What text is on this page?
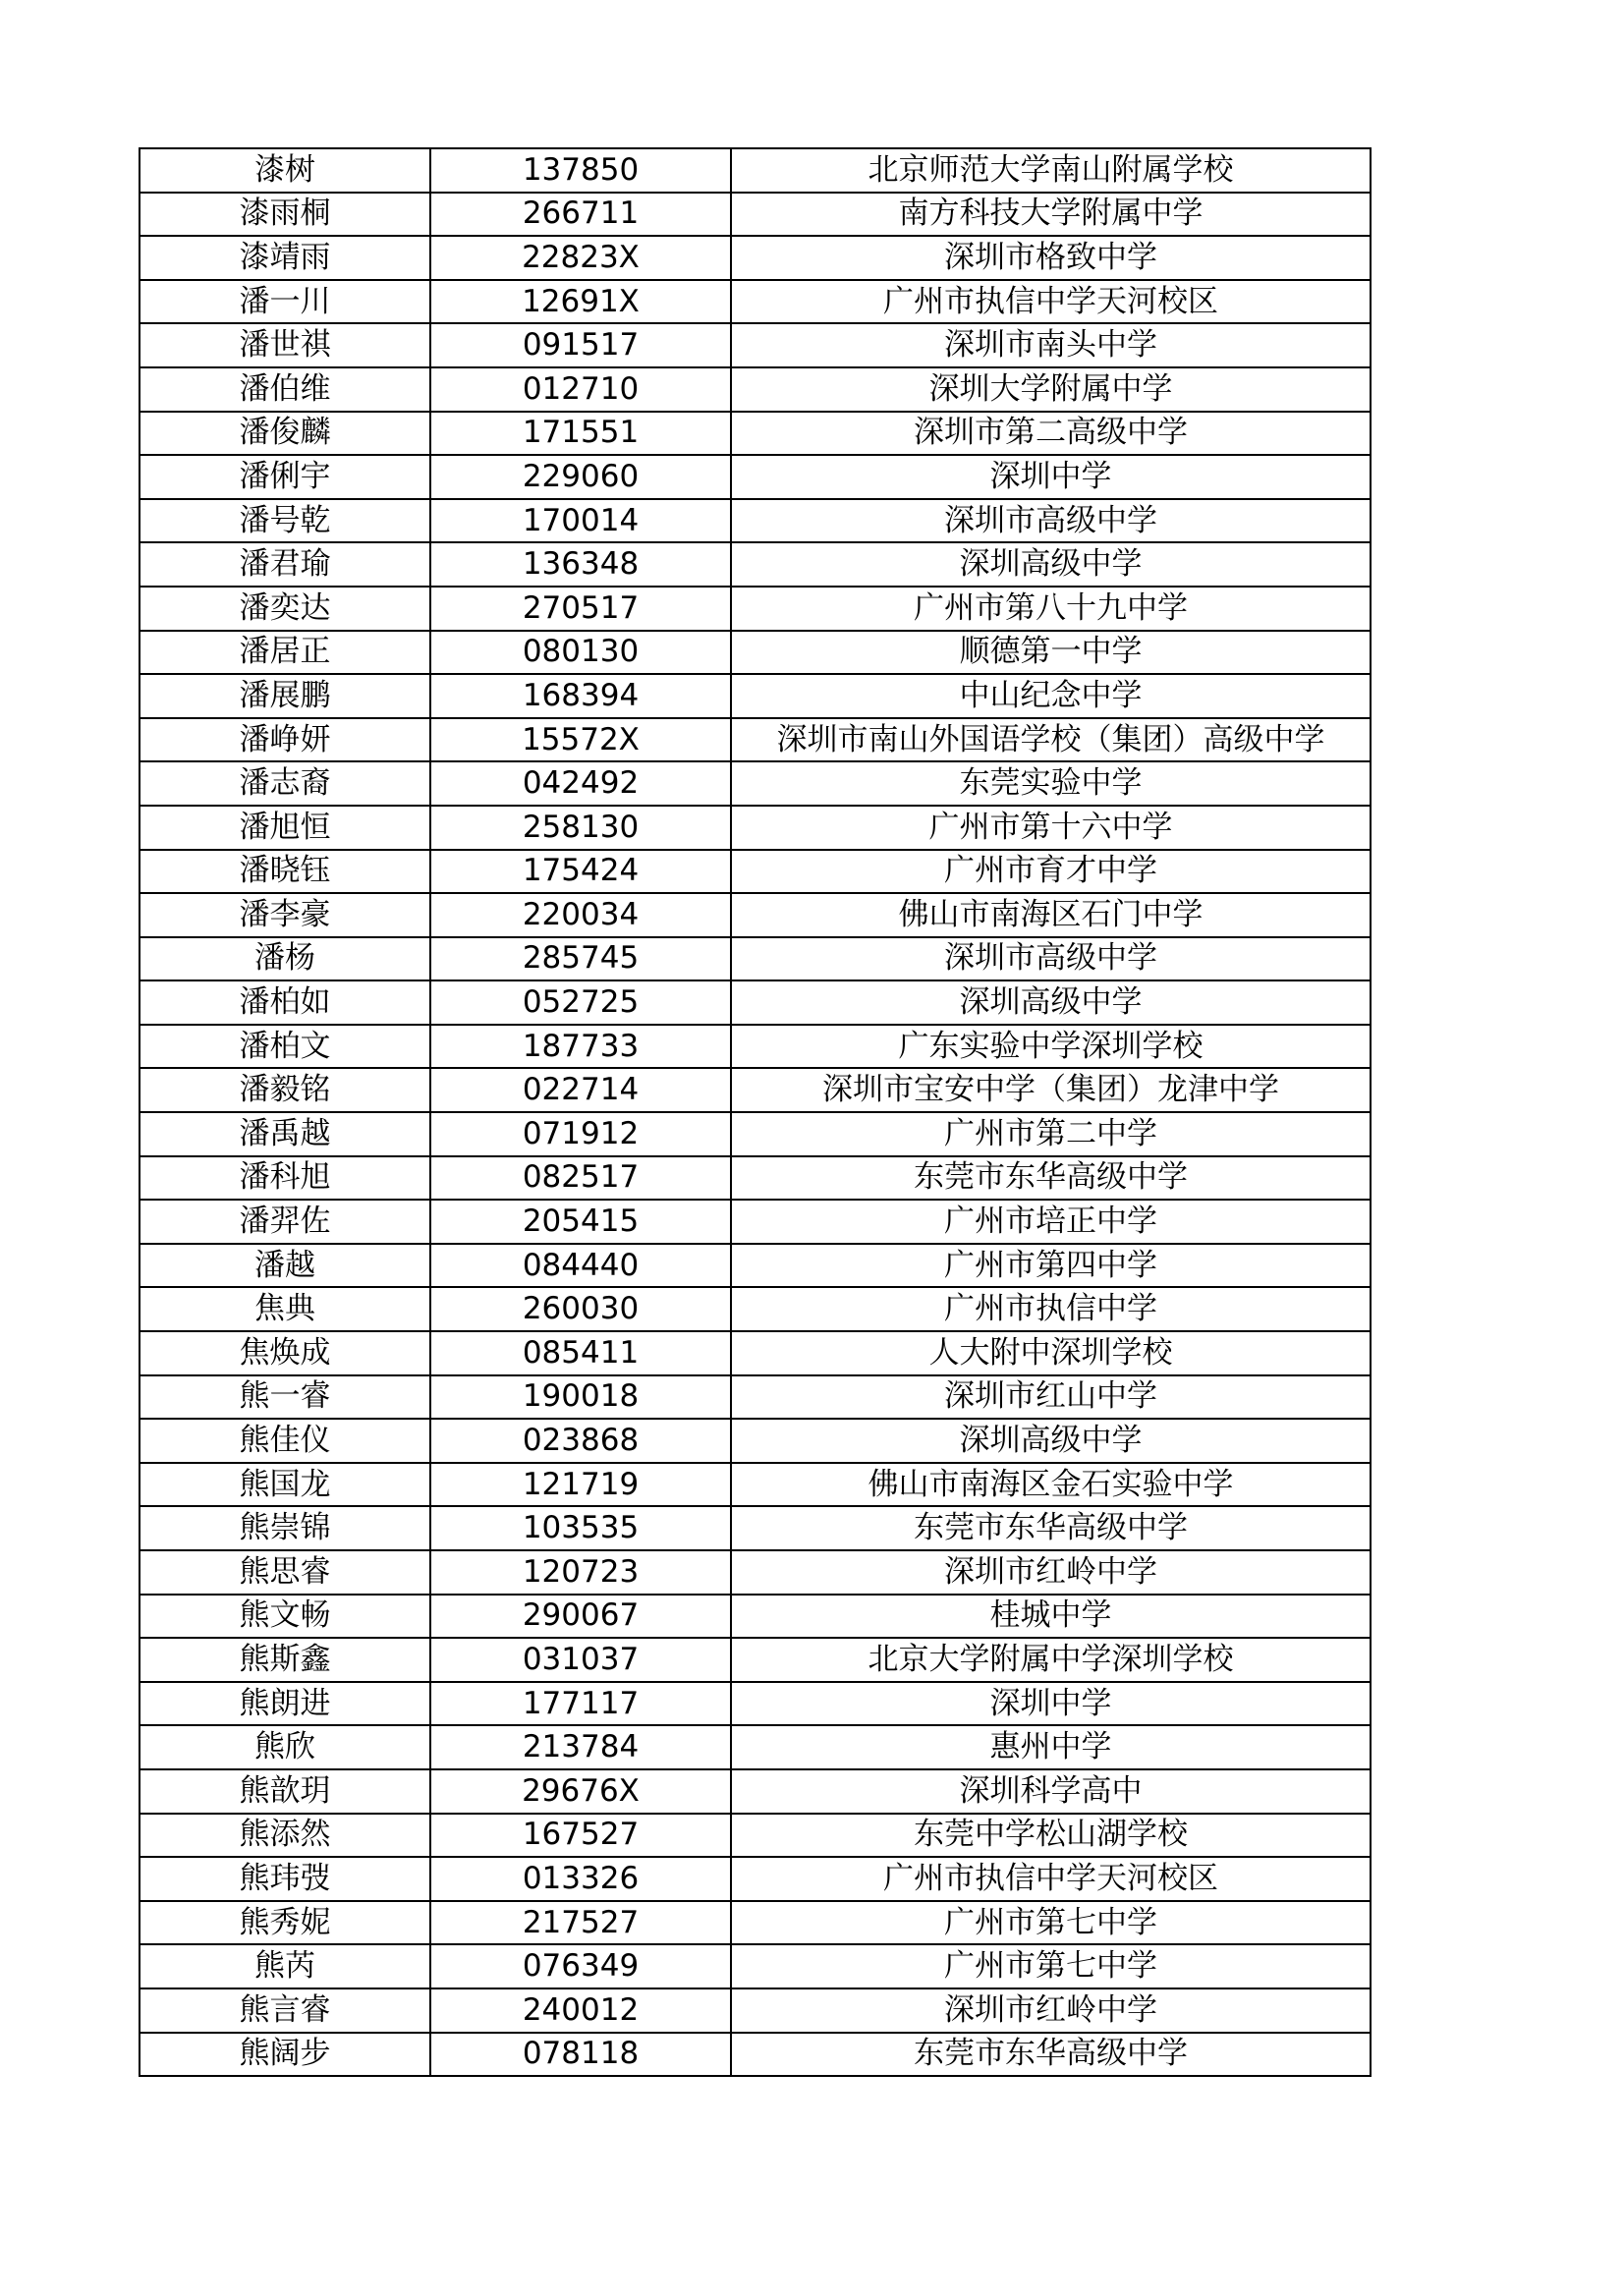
漆树	137850	北京师范大学南山附属学校
漆雨桐	266711	南方科技大学附属中学
漆靖雨	22823X	深圳市格致中学
潘一川	12691X	广州市执信中学天河校区
潘世祺	091517	深圳市南头中学
潘伯维	012710	深圳大学附属中学
潘俊麟	171551	深圳市第二高级中学
潘俐宇	229060	深圳中学
潘号乾	170014	深圳市高级中学
潘君瑜	136348	深圳高级中学
潘奕达	270517	广州市第八十九中学
潘居正	080130	顺德第一中学
潘展鹏	168394	中山纪念中学
潘峥妍	15572X	深圳市南山外国语学校（集团）高级中学
潘志裔	042492	东莞实验中学
潘旭恒	258130	广州市第十六中学
潘晓钰	175424	广州市育才中学
潘李豪	220034	佛山市南海区石门中学
潘杨	285745	深圳市高级中学
潘柏如	052725	深圳高级中学
潘柏文	187733	广东实验中学深圳学校
潘毅铭	022714	深圳市宝安中学（集团）龙津中学
潘禹越	071912	广州市第二中学
潘科旭	082517	东莞市东华高级中学
潘羿佐	205415	广州市培正中学
潘越	084440	广州市第四中学
焦典	260030	广州市执信中学
焦焕成	085411	人大附中深圳学校
熊一睿	190018	深圳市红山中学
熊佳仪	023868	深圳高级中学
熊国龙	121719	佛山市南海区金石实验中学
熊崇锦	103535	东莞市东华高级中学
熊思睿	120723	深圳市红岭中学
熊文畅	290067	桂城中学
熊斯鑫	031037	北京大学附属中学深圳学校
熊朗进	177117	深圳中学
熊欣	213784	惠州中学
熊歆玥	29676X	深圳科学高中
熊添然	167527	东莞中学松山湖学校
熊玮弢	013326	广州市执信中学天河校区
熊秀妮	217527	广州市第七中学
熊芮	076349	广州市第七中学
熊言睿	240012	深圳市红岭中学
熊阔步	078118	东莞市东华高级中学
